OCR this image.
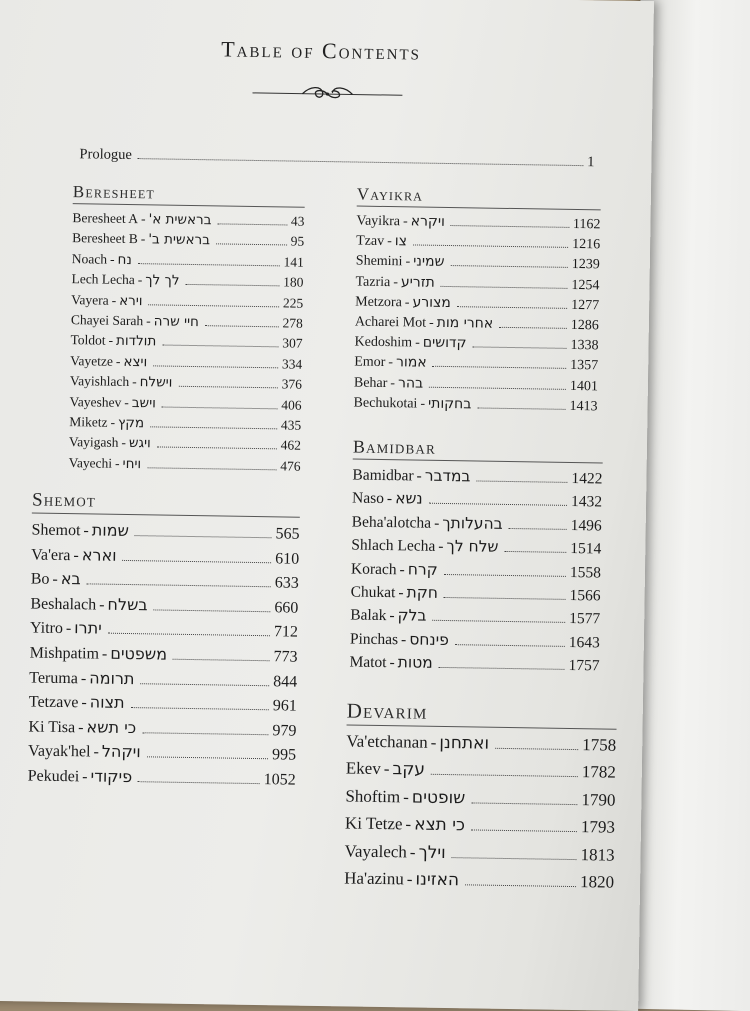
Table of Contents
Prologue	1
Beresheet
Beresheet A - בראשית א'	43
Beresheet B - בראשית ב'	95
Noach - נח	141
Lech Lecha - לך לך	180
Vayera - וירא	225
Chayei Sarah - חיי שרה	278
Toldot - תולדות	307
Vayetze - ויצא	334
Vayishlach - וישלח	376
Vayeshev - וישב	406
Miketz - מקץ	435
Vayigash - ויגש	462
Vayechi - ויחי	476
Shemot
Shemot - שמות	565
Va'era - וארא	610
Bo - בא	633
Beshalach - בשלח	660
Yitro - יתרו	712
Mishpatim - משפטים	773
Teruma - תרומה	844
Tetzave - תצוה	961
Ki Tisa - כי תשא	979
Vayak'hel - ויקהל	995
Pekudei - פיקודי	1052
Vayikra
Vayikra - ויקרא	1162
Tzav - צו	1216
Shemini - שמיני	1239
Tazria - תזריע	1254
Metzora - מצורע	1277
Acharei Mot - אחרי מות	1286
Kedoshim - קדושים	1338
Emor - אמור	1357
Behar - בהר	1401
Bechukotai - בחקותי	1413
Bamidbar
Bamidbar - במדבר	1422
Naso - נשא	1432
Beha'alotcha - בהעלותך	1496
Shlach Lecha - שלח לך	1514
Korach - קרח	1558
Chukat - חקת	1566
Balak - בלק	1577
Pinchas - פינחס	1643
Matot - מטות	1757
Devarim
Va'etchanan - ואתחנן	1758
Ekev - עקב	1782
Shoftim - שופטים	1790
Ki Tetze - כי תצא	1793
Vayalech - וילך	1813
Ha'azinu - האזינו	1820
